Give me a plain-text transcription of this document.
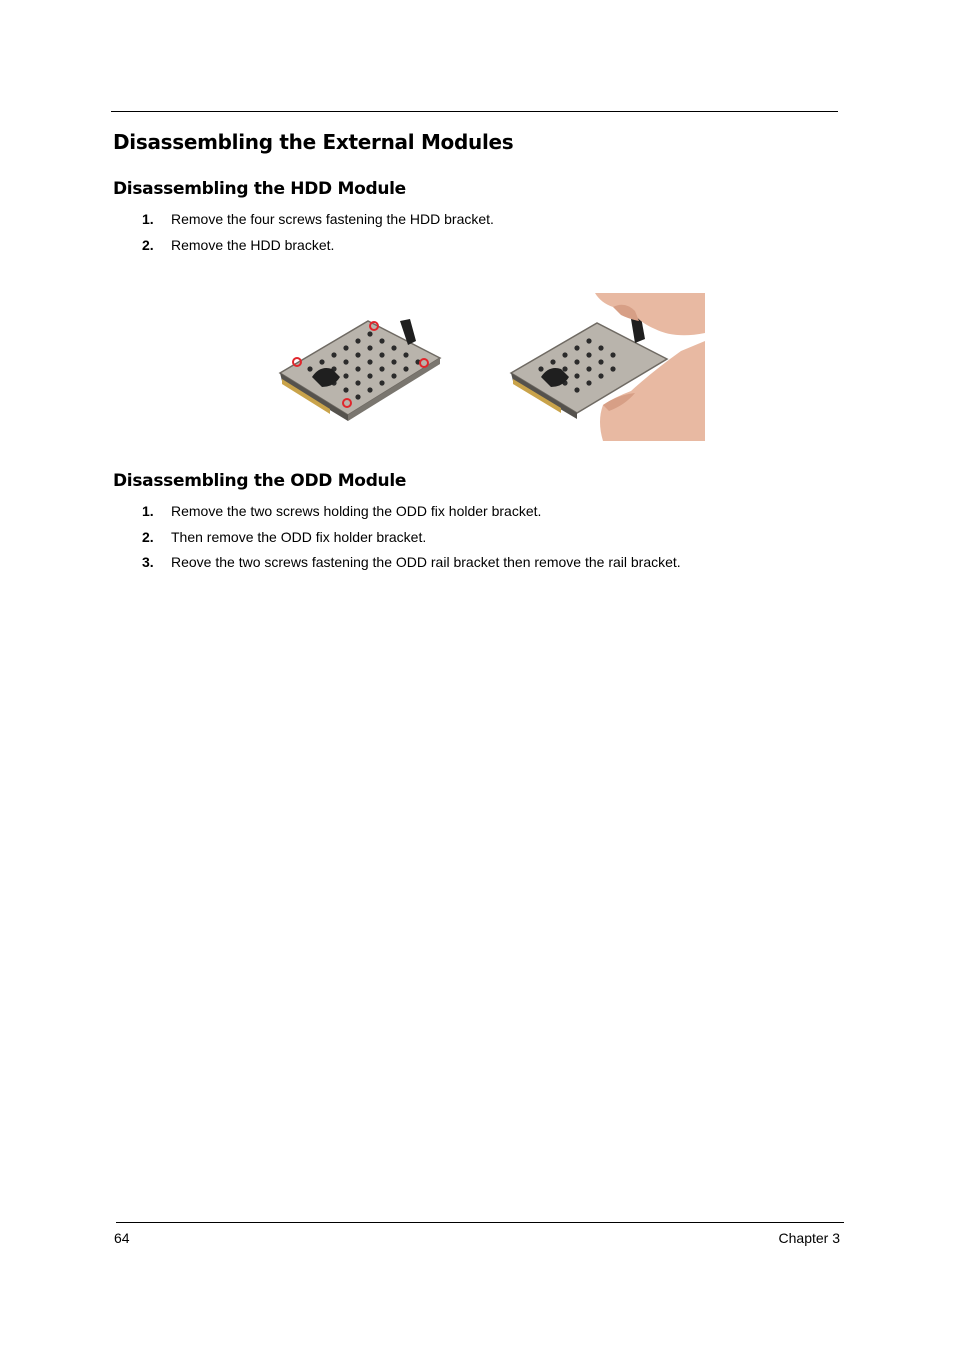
Disassembling the External Modules
Disassembling the HDD Module
1. Remove the four screws fastening the HDD bracket.
2. Remove the HDD bracket.
Disassembling the ODD Module
1. Remove the two screws holding the ODD fix holder bracket.
2. Then remove the ODD fix holder bracket.
3. Reove the two screws fastening the ODD rail bracket then remove the rail bracket.
64	Chapter 3
